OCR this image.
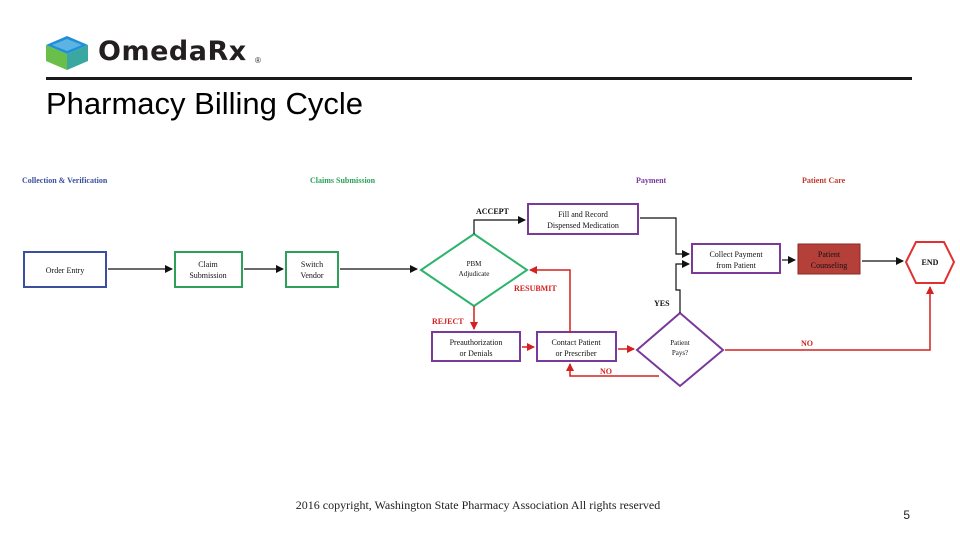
OmedaRx ®
Pharmacy Billing Cycle
Collection & Verification	Claims Submission	Payment	Patient Care
Order Entry
Claim
Submission
Switch
Vendor
PBM
Adjudicate
Fill and Record
Dispensed Medication
Collect Payment
from Patient
Patient
Counseling	END
Preauthorization
or Denials
Contact Patient
or Prescriber
Patient
Pays?
ACCEPT
RESUBMIT
REJECT
YES
NO
NO
2016 copyright, Washington State Pharmacy Association All rights reserved
5
